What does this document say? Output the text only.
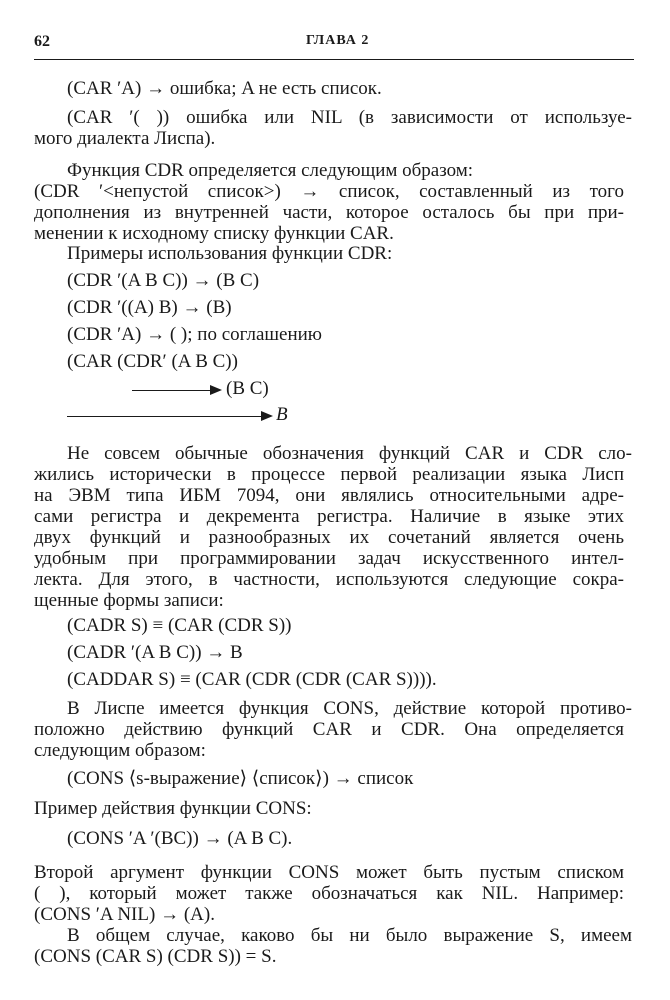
62	ГЛАВА 2
(CAR ′A) → ошибка; A не есть список.
(CAR ′( )) ошибка или NIL (в зависимости от используе-
мого диалекта Лиспа).
Функция CDR определяется следующим образом:
(CDR ′<непустой список>) → список, составленный из того
дополнения из внутренней части, которое осталось бы при при-
менении к исходному списку функции CAR.
Примеры использования функции CDR:
(CDR ′(A B C)) → (B C)
(CDR ′((A) B) → (B)
(CDR ′A) → ( ); по соглашению
(CAR (CDR′ (A B C))
(B C)
B
Не совсем обычные обозначения функций CAR и CDR сло-
жились исторически в процессе первой реализации языка Лисп
на ЭВМ типа ИБМ 7094, они являлись относительными адре-
сами регистра и декремента регистра. Наличие в языке этих
двух функций и разнообразных их сочетаний является очень
удобным при программировании задач искусственного интел-
лекта. Для этого, в частности, используются следующие сокра-
щенные формы записи:
(CADR S) ≡ (CAR (CDR S))
(CADR ′(A B C)) → B
(CADDAR S) ≡ (CAR (CDR (CDR (CAR S)))).
В Лиспе имеется функция CONS, действие которой противо-
положно действию функций CAR и CDR. Она определяется
следующим образом:
(CONS ⟨s-выражение⟩ ⟨список⟩) → список
Пример действия функции CONS:
(CONS ′A ′(BC)) → (A B C).
Второй аргумент функции CONS может быть пустым списком
( ), который может также обозначаться как NIL. Например:
(CONS ′A NIL) → (A).
В общем случае, каково бы ни было выражение S, имеем
(CONS (CAR S) (CDR S)) = S.
